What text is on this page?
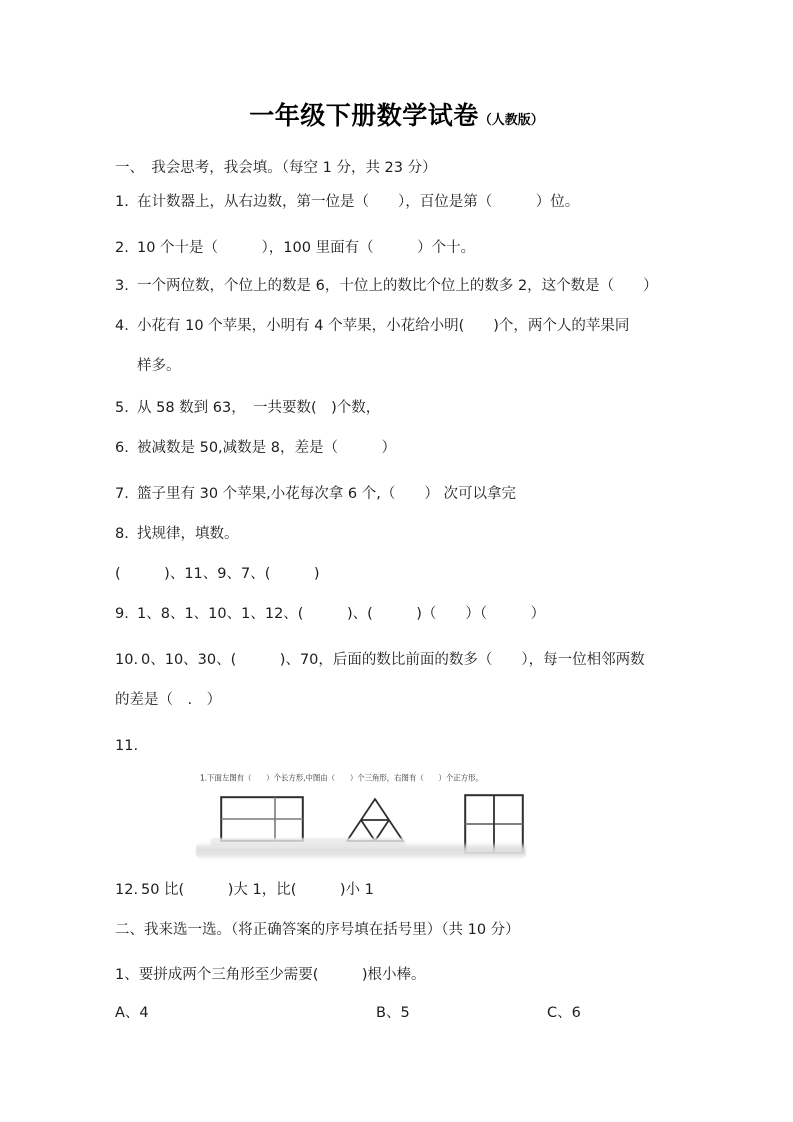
一年级下册数学试卷（人教版）
一、　我会思考，我会填。（每空 1 分，共 23 分）
1. 在计数器上，从右边数，第一位是（　　），百位是第（　　　）位。
2. 10 个十是（　　　），100 里面有（　　　）个十。
3. 一个两位数，个位上的数是 6，十位上的数比个位上的数多 2，这个数是（　　）
4. 小花有 10 个苹果，小明有 4 个苹果，小花给小明(　　)个，两个人的苹果同
样多。
5. 从 58 数到 63，　一共要数(　)个数，
6. 被减数是 50,减数是 8，差是（　　　）
7. 篮子里有 30 个苹果,小花每次拿 6 个,（　　） 次可以拿完
8. 找规律，填数。
(　　　)、11、9、7、(　　　)
9. 1、8、1、10、1、12、(　　　)、(　　　)（　　）（　　　）
10. 0、10、30、(　　　)、70，后面的数比前面的数多（　　），每一位相邻两数
的差是（　.　）
11.
1.下面左图有（　　）个长方形,中图由（　　）个三角形，右图有（　　）个正方形。
12. 50 比(　　　)大 1，比(　　　)小 1
二、我来选一选。（将正确答案的序号填在括号里）（共 10 分）
1、要拼成两个三角形至少需要(　　　)根小棒。
A、4	B、5	C、6
